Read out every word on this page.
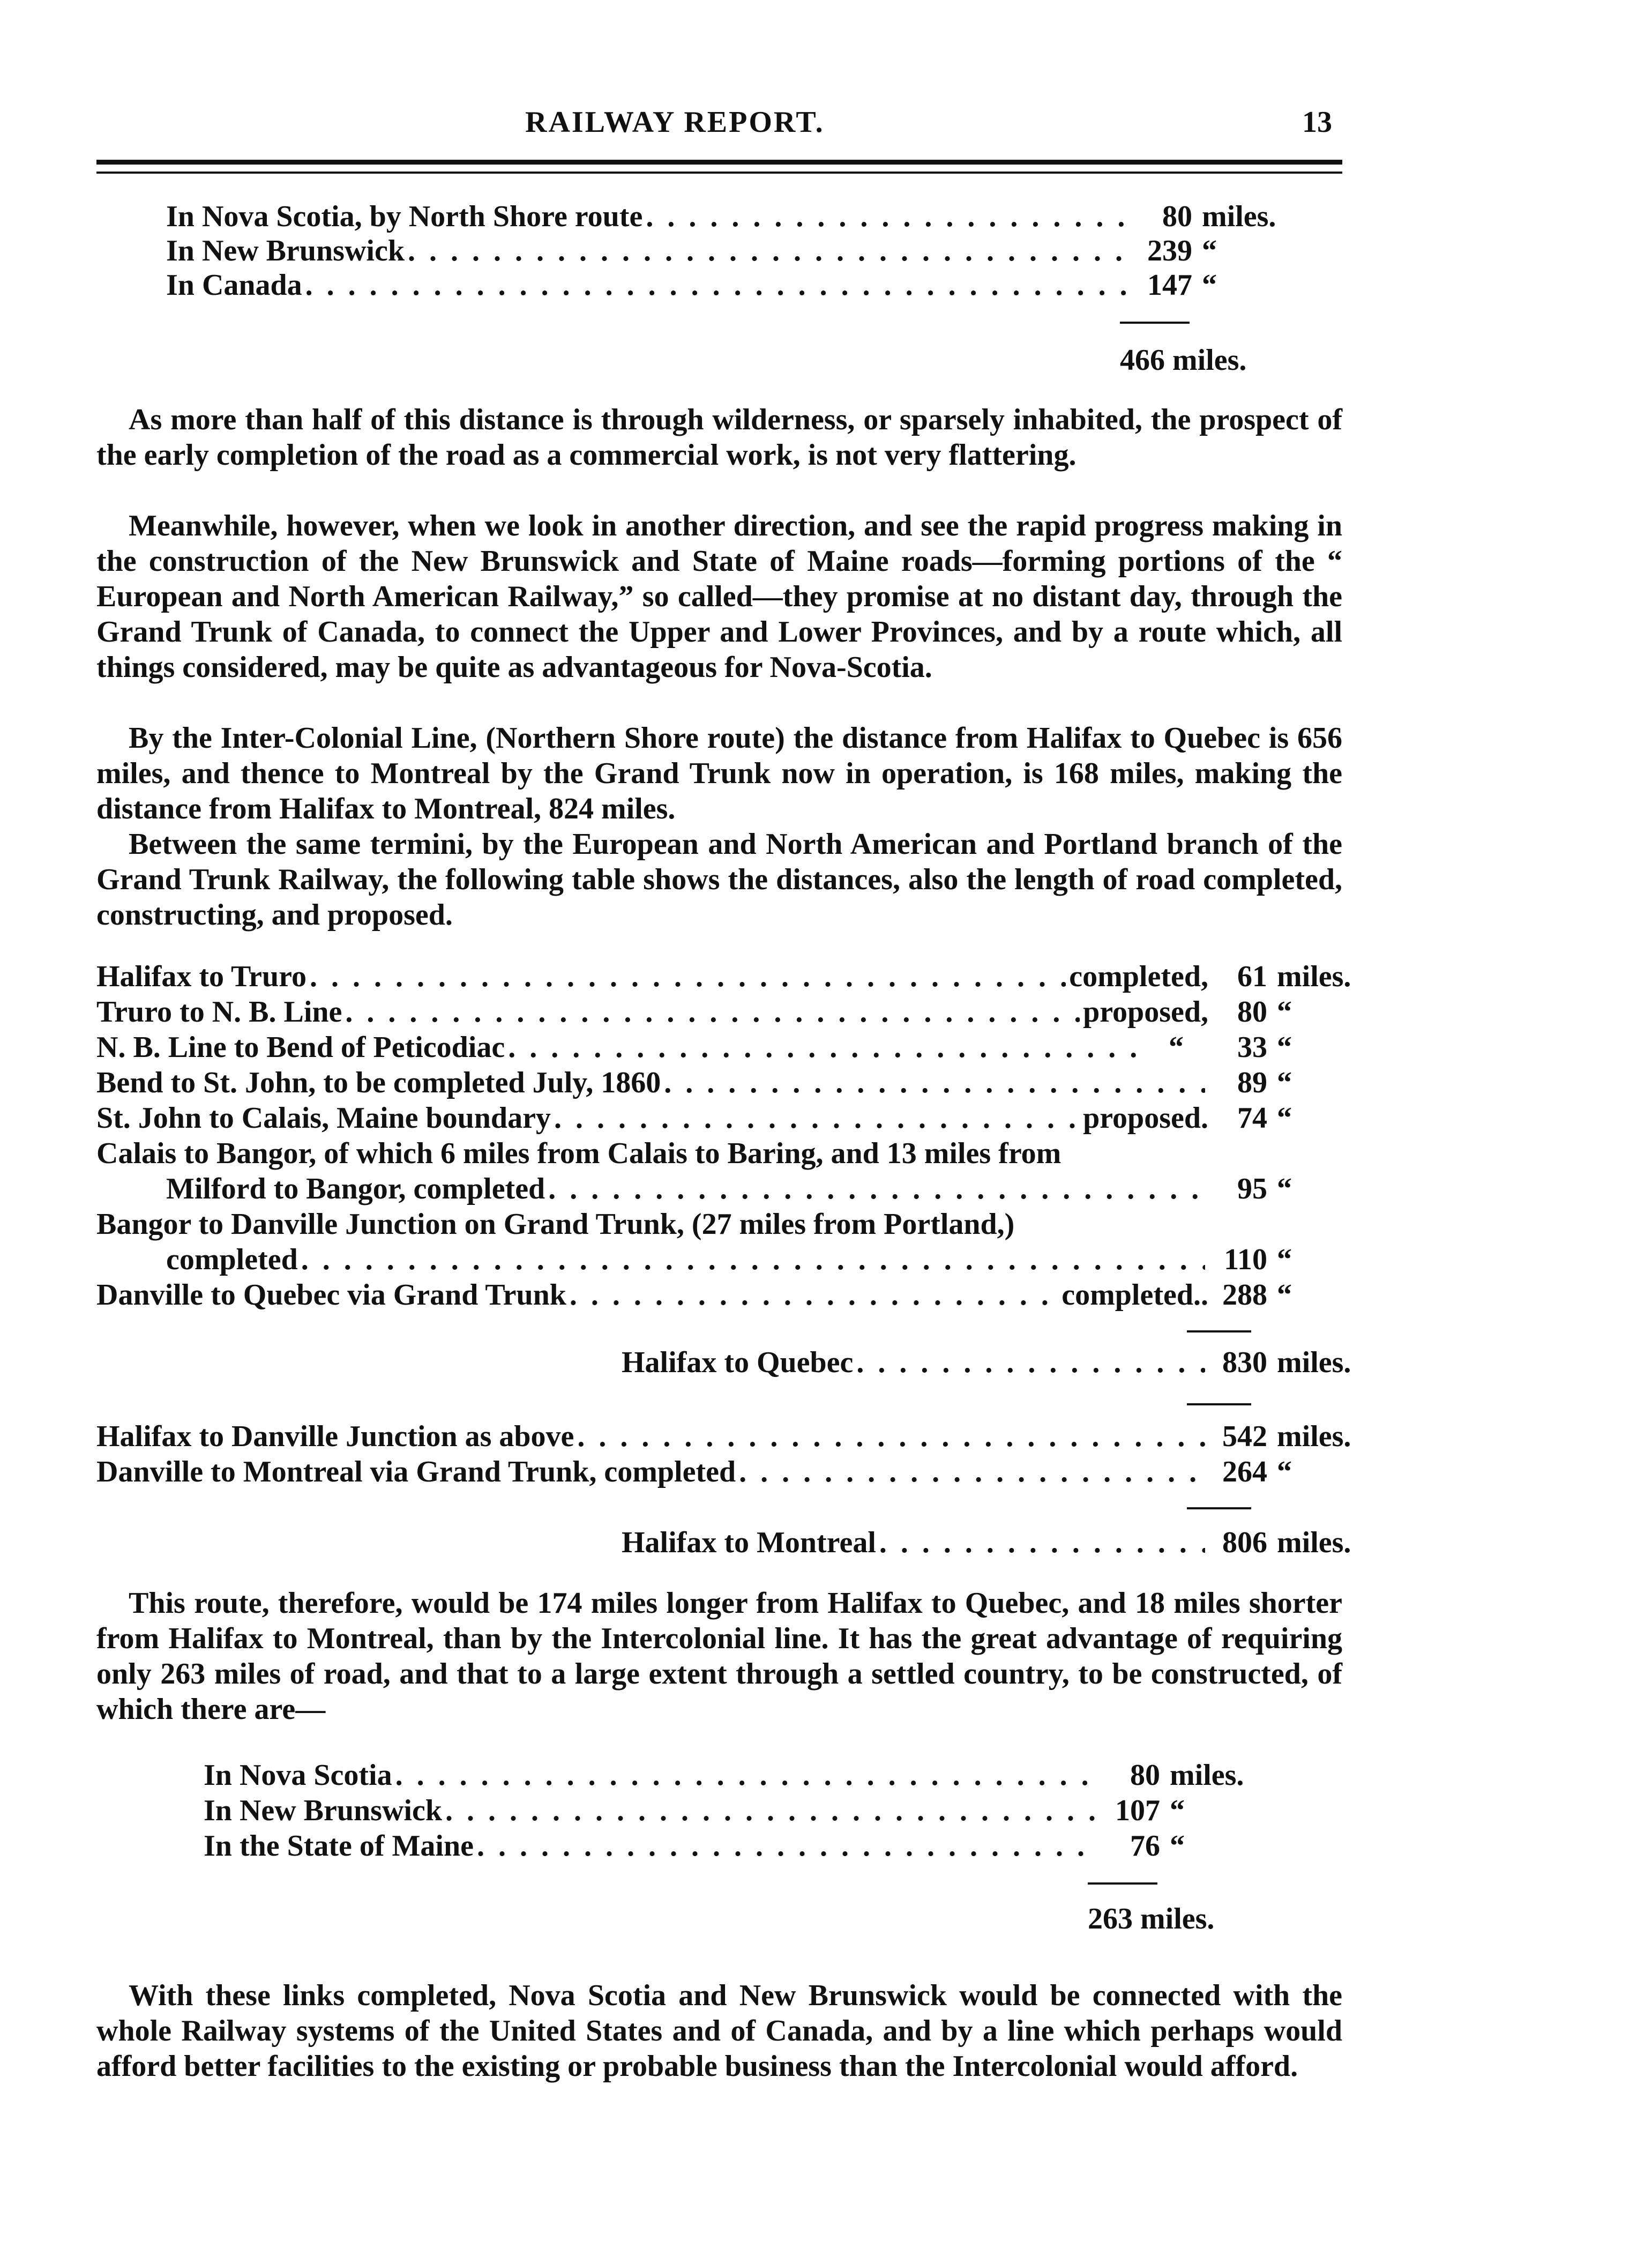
RAILWAY REPORT.	13
In Nova Scotia, by North Shore route . . .	80 miles.
In New Brunswick . . .	239 “
In Canada . . .	147 “
466 miles.
As more than half of this distance is through wilderness, or sparsely inhabited, the prospect of the early completion of the road as a commercial work, is not very flattering.
Meanwhile, however, when we look in another direction, and see the rapid progress making in the construction of the New Brunswick and State of Maine roads—forming portions of the “ European and North American Railway,” so called—they promise at no distant day, through the Grand Trunk of Canada, to connect the Upper and Lower Provinces, and by a route which, all things considered, may be quite as advantageous for Nova-Scotia.
By the Inter-Colonial Line, (Northern Shore route) the distance from Halifax to Quebec is 656 miles, and thence to Montreal by the Grand Trunk now in operation, is 168 miles, making the distance from Halifax to Montreal, 824 miles.
Between the same termini, by the European and North American and Portland branch of the Grand Trunk Railway, the following table shows the distances, also the length of road completed, constructing, and proposed.
Halifax to Truro . . .	completed, 61 miles.
Truro to N. B. Line . . .	proposed, 80 “
N. B. Line to Bend of Peticodiac . . .	“	33 “
Bend to St. John, to be completed July, 1860 . . .	89 “
St. John to Calais, Maine boundary . . .	proposed. 74 “
Calais to Bangor, of which 6 miles from Calais to Baring, and 13 miles from
Milford to Bangor, completed . . .	95 “
Bangor to Danville Junction on Grand Trunk, (27 miles from Portland,)
completed . . .	110 “
Danville to Quebec via Grand Trunk . . .	completed.. 288 “
Halifax to Quebec . . .	830 miles.
Halifax to Danville Junction as above . . .	542 miles.
Danville to Montreal via Grand Trunk, completed . . .	264 “
Halifax to Montreal . . .	806 miles.
This route, therefore, would be 174 miles longer from Halifax to Quebec, and 18 miles shorter from Halifax to Montreal, than by the Intercolonial line. It has the great advantage of requiring only 263 miles of road, and that to a large extent through a settled country, to be constructed, of which there are—
In Nova Scotia . . .	80 miles.
In New Brunswick . . .	107 “
In the State of Maine . . .	76 “
263 miles.
With these links completed, Nova Scotia and New Brunswick would be connected with the whole Railway systems of the United States and of Canada, and by a line which perhaps would afford better facilities to the existing or probable business than the Intercolonial would afford.
